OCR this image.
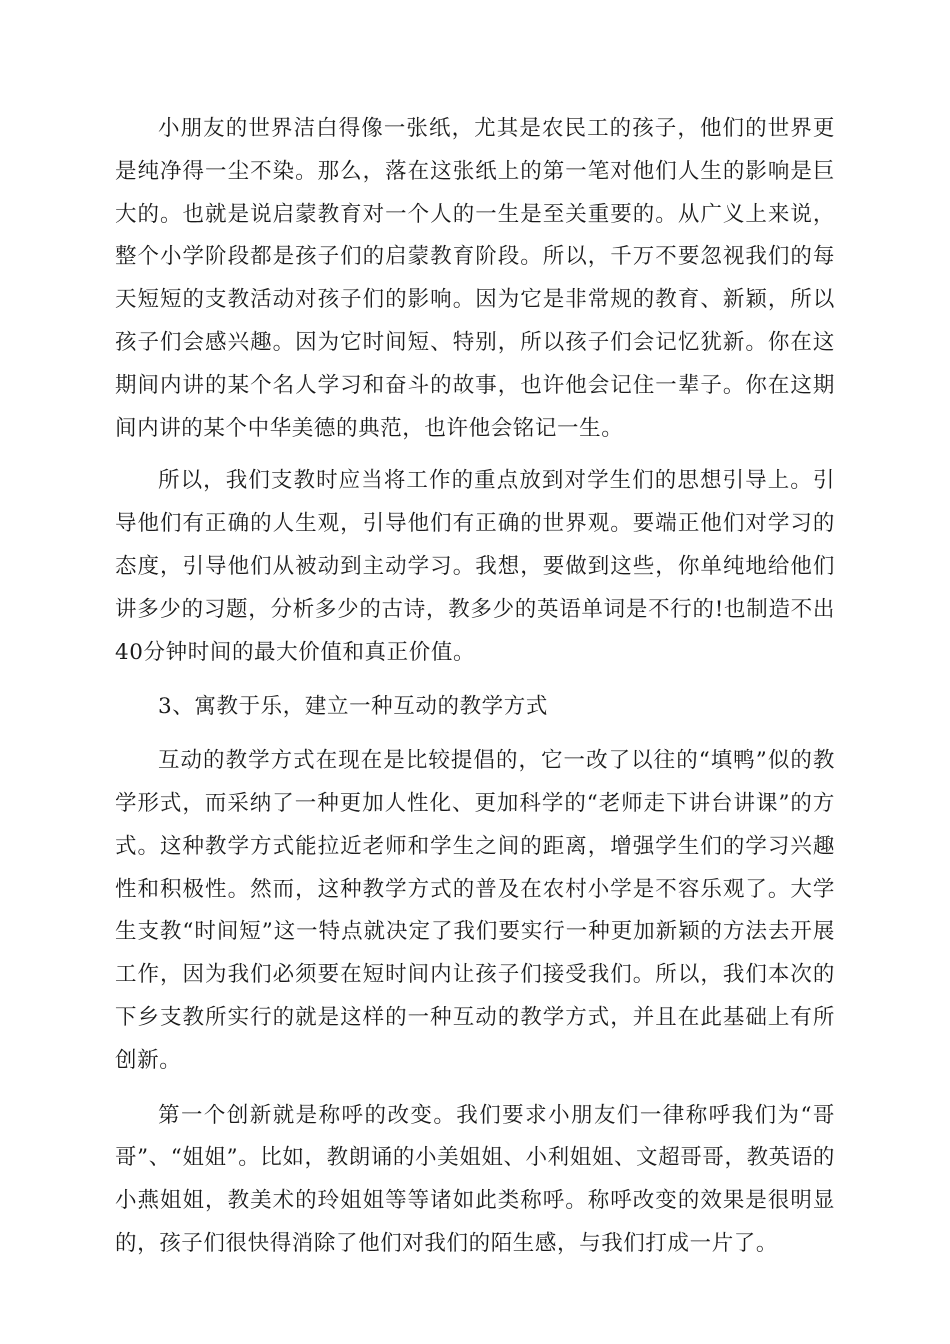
小朋友的世界洁白得像一张纸，尤其是农民工的孩子，他们的世界更是纯净得一尘不染。那么，落在这张纸上的第一笔对他们人生的影响是巨大的。也就是说启蒙教育对一个人的一生是至关重要的。从广义上来说，整个小学阶段都是孩子们的启蒙教育阶段。所以，千万不要忽视我们的每天短短的支教活动对孩子们的影响。因为它是非常规的教育、新颖，所以孩子们会感兴趣。因为它时间短、特别，所以孩子们会记忆犹新。你在这期间内讲的某个名人学习和奋斗的故事，也许他会记住一辈子。你在这期间内讲的某个中华美德的典范，也许他会铭记一生。

所以，我们支教时应当将工作的重点放到对学生们的思想引导上。引导他们有正确的人生观，引导他们有正确的世界观。要端正他们对学习的态度，引导他们从被动到主动学习。我想，要做到这些，你单纯地给他们讲多少的习题，分析多少的古诗，教多少的英语单词是不行的!也制造不出40分钟时间的最大价值和真正价值。

3、寓教于乐，建立一种互动的教学方式

互动的教学方式在现在是比较提倡的，它一改了以往的“填鸭”似的教学形式，而采纳了一种更加人性化、更加科学的“老师走下讲台讲课”的方式。这种教学方式能拉近老师和学生之间的距离，增强学生们的学习兴趣性和积极性。然而，这种教学方式的普及在农村小学是不容乐观了。大学生支教“时间短”这一特点就决定了我们要实行一种更加新颖的方法去开展工作，因为我们必须要在短时间内让孩子们接受我们。所以，我们本次的下乡支教所实行的就是这样的一种互动的教学方式，并且在此基础上有所创新。

第一个创新就是称呼的改变。我们要求小朋友们一律称呼我们为“哥哥”、“姐姐”。比如，教朗诵的小美姐姐、小利姐姐、文超哥哥，教英语的小燕姐姐，教美术的玲姐姐等等诸如此类称呼。称呼改变的效果是很明显的，孩子们很快得消除了他们对我们的陌生感，与我们打成一片了。
